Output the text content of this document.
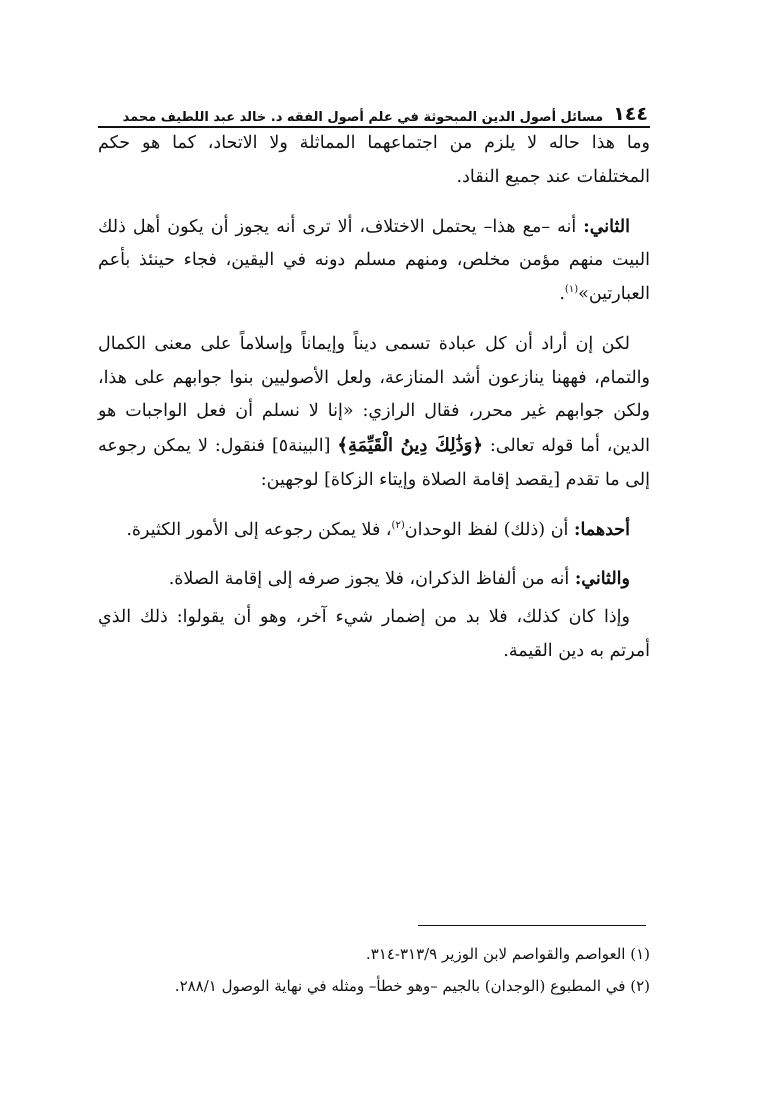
١٤٤
مسائل أصول الدين المبحوثة في علم أصول الفقه د. خالد عبد اللطيف محمد

وما هذا حاله لا يلزم من اجتماعهما المماثلة ولا الاتحاد، كما هو حكم المختلفات عند جميع النقاد.

الثاني: أنه –مع هذا– يحتمل الاختلاف، ألا ترى أنه يجوز أن يكون أهل ذلك البيت منهم مؤمن مخلص، ومنهم مسلم دونه في اليقين، فجاء حينئذ بأعم العبارتين»$^{(١)}$.

لكن إن أراد أن كل عبادة تسمى ديناً وإيماناً وإسلاماً على معنى الكمال والتمام، فههنا ينازعون أشد المنازعة، ولعل الأصوليين بنوا جوابهم على هذا، ولكن جوابهم غير محرر، فقال الرازي: «إنا لا نسلم أن فعل الواجبات هو الدين، أما قوله تعالى: ﴿وَذَٰلِكَ دِينُ الْقَيِّمَةِ﴾ [البينة٥] فنقول: لا يمكن رجوعه إلى ما تقدم [يقصد إقامة الصلاة وإيتاء الزكاة] لوجهين:

أحدهما: أن (ذلك) لفظ الوحدان$^{(٢)}$، فلا يمكن رجوعه إلى الأمور الكثيرة.

والثاني: أنه من ألفاظ الذكران، فلا يجوز صرفه إلى إقامة الصلاة.

وإذا كان كذلك، فلا بد من إضمار شيء آخر، وهو أن يقولوا: ذلك الذي أمرتم به دين القيمة.

(١) العواصم والقواصم لابن الوزير ٣١٣/٩-٣١٤.
(٢) في المطبوع (الوجدان) بالجيم –وهو خطأ– ومثله في نهاية الوصول ٢٨٨/١.
